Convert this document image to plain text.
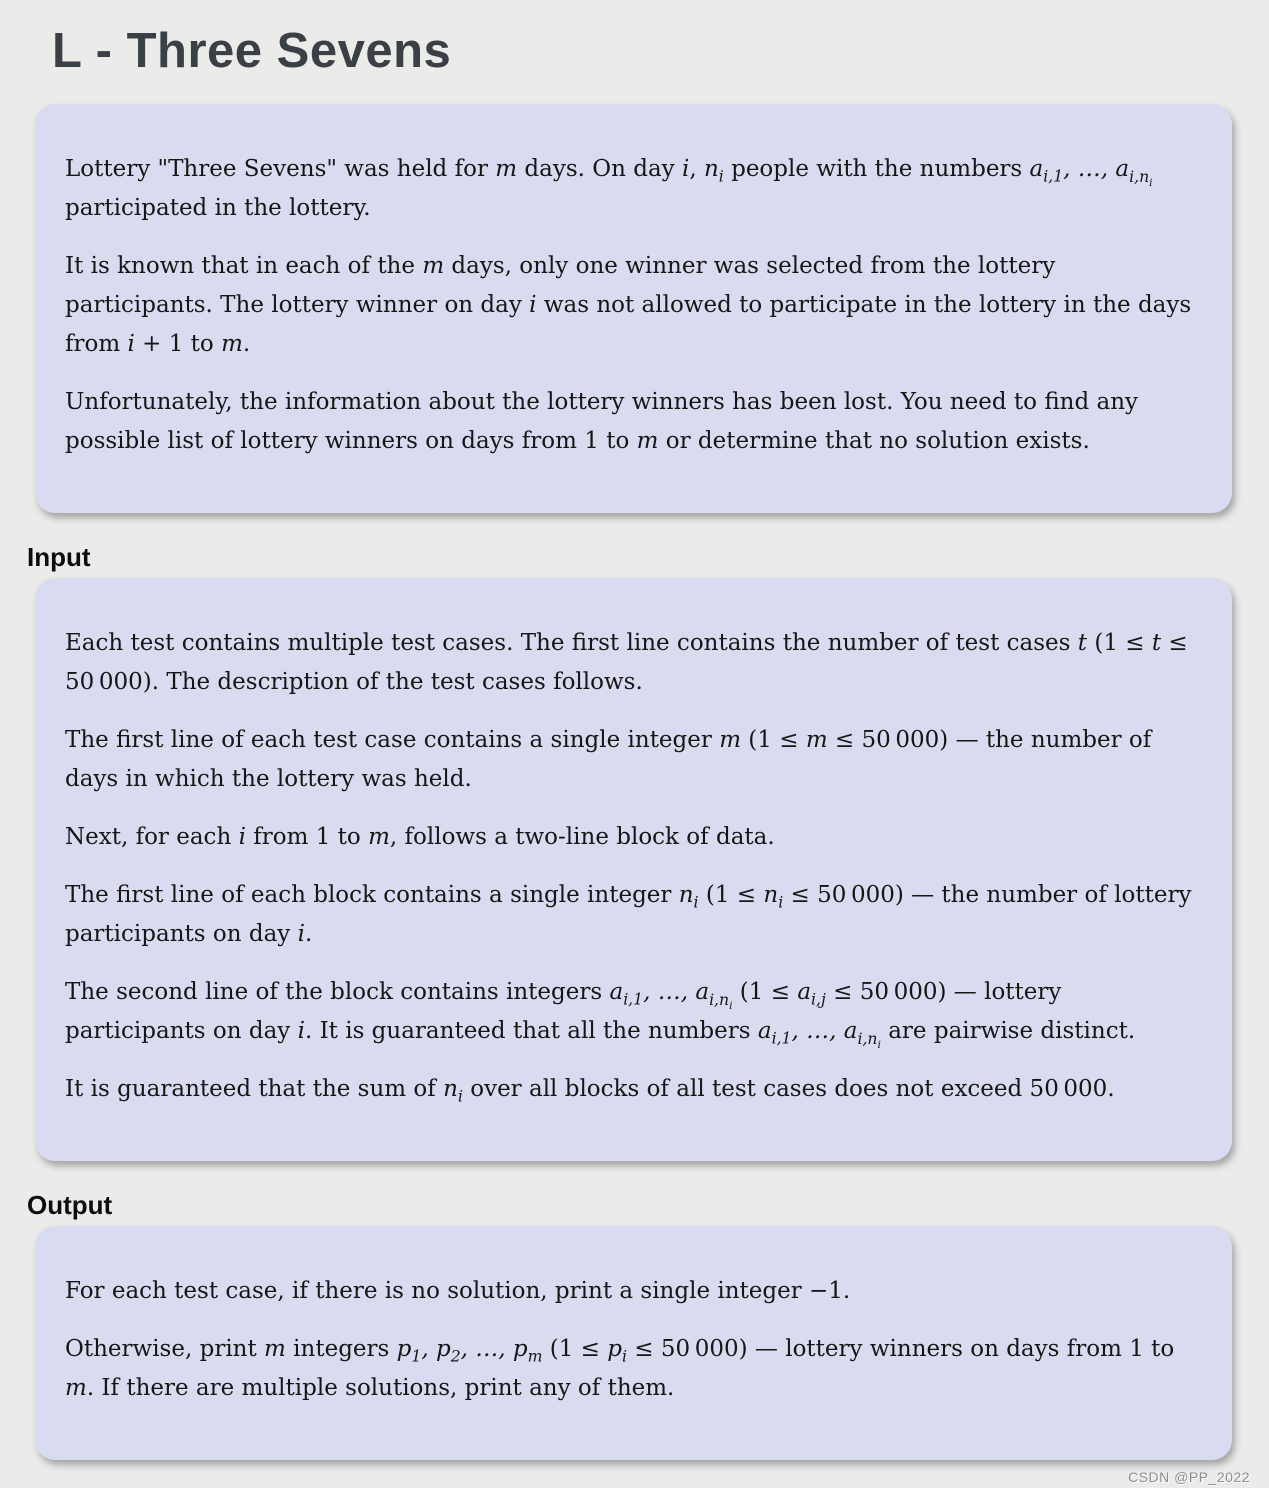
L - Three Sevens

Lottery "Three Sevens" was held for m days. On day i, $n_i$ people with the numbers $a_{i,1}$, …, $a_{i,n_i}$ participated in the lottery.

It is known that in each of the m days, only one winner was selected from the lottery participants. The lottery winner on day i was not allowed to participate in the lottery in the days from i + 1 to m.

Unfortunately, the information about the lottery winners has been lost. You need to find any possible list of lottery winners on days from 1 to m or determine that no solution exists.

Input

Each test contains multiple test cases. The first line contains the number of test cases t (1 ≤ t ≤ 50 000). The description of the test cases follows.

The first line of each test case contains a single integer m (1 ≤ m ≤ 50 000) — the number of days in which the lottery was held.

Next, for each i from 1 to m, follows a two-line block of data.

The first line of each block contains a single integer $n_i$ ($1 \le n_i \le 50$ 000) — the number of lottery participants on day i.

The second line of the block contains integers $a_{i,1}$, …, $a_{i,n_i}$ ($1 \le a_{i,j} \le 50$ 000) — lottery participants on day i. It is guaranteed that all the numbers $a_{i,1}$, …, $a_{i,n_i}$ are pairwise distinct.

It is guaranteed that the sum of $n_i$ over all blocks of all test cases does not exceed 50 000.

Output

For each test case, if there is no solution, print a single integer −1.

Otherwise, print m integers $p_1$, $p_2$, …, $p_m$ ($1 \le p_i \le 50$ 000) — lottery winners on days from 1 to m. If there are multiple solutions, print any of them.

CSDN @PP_2022
